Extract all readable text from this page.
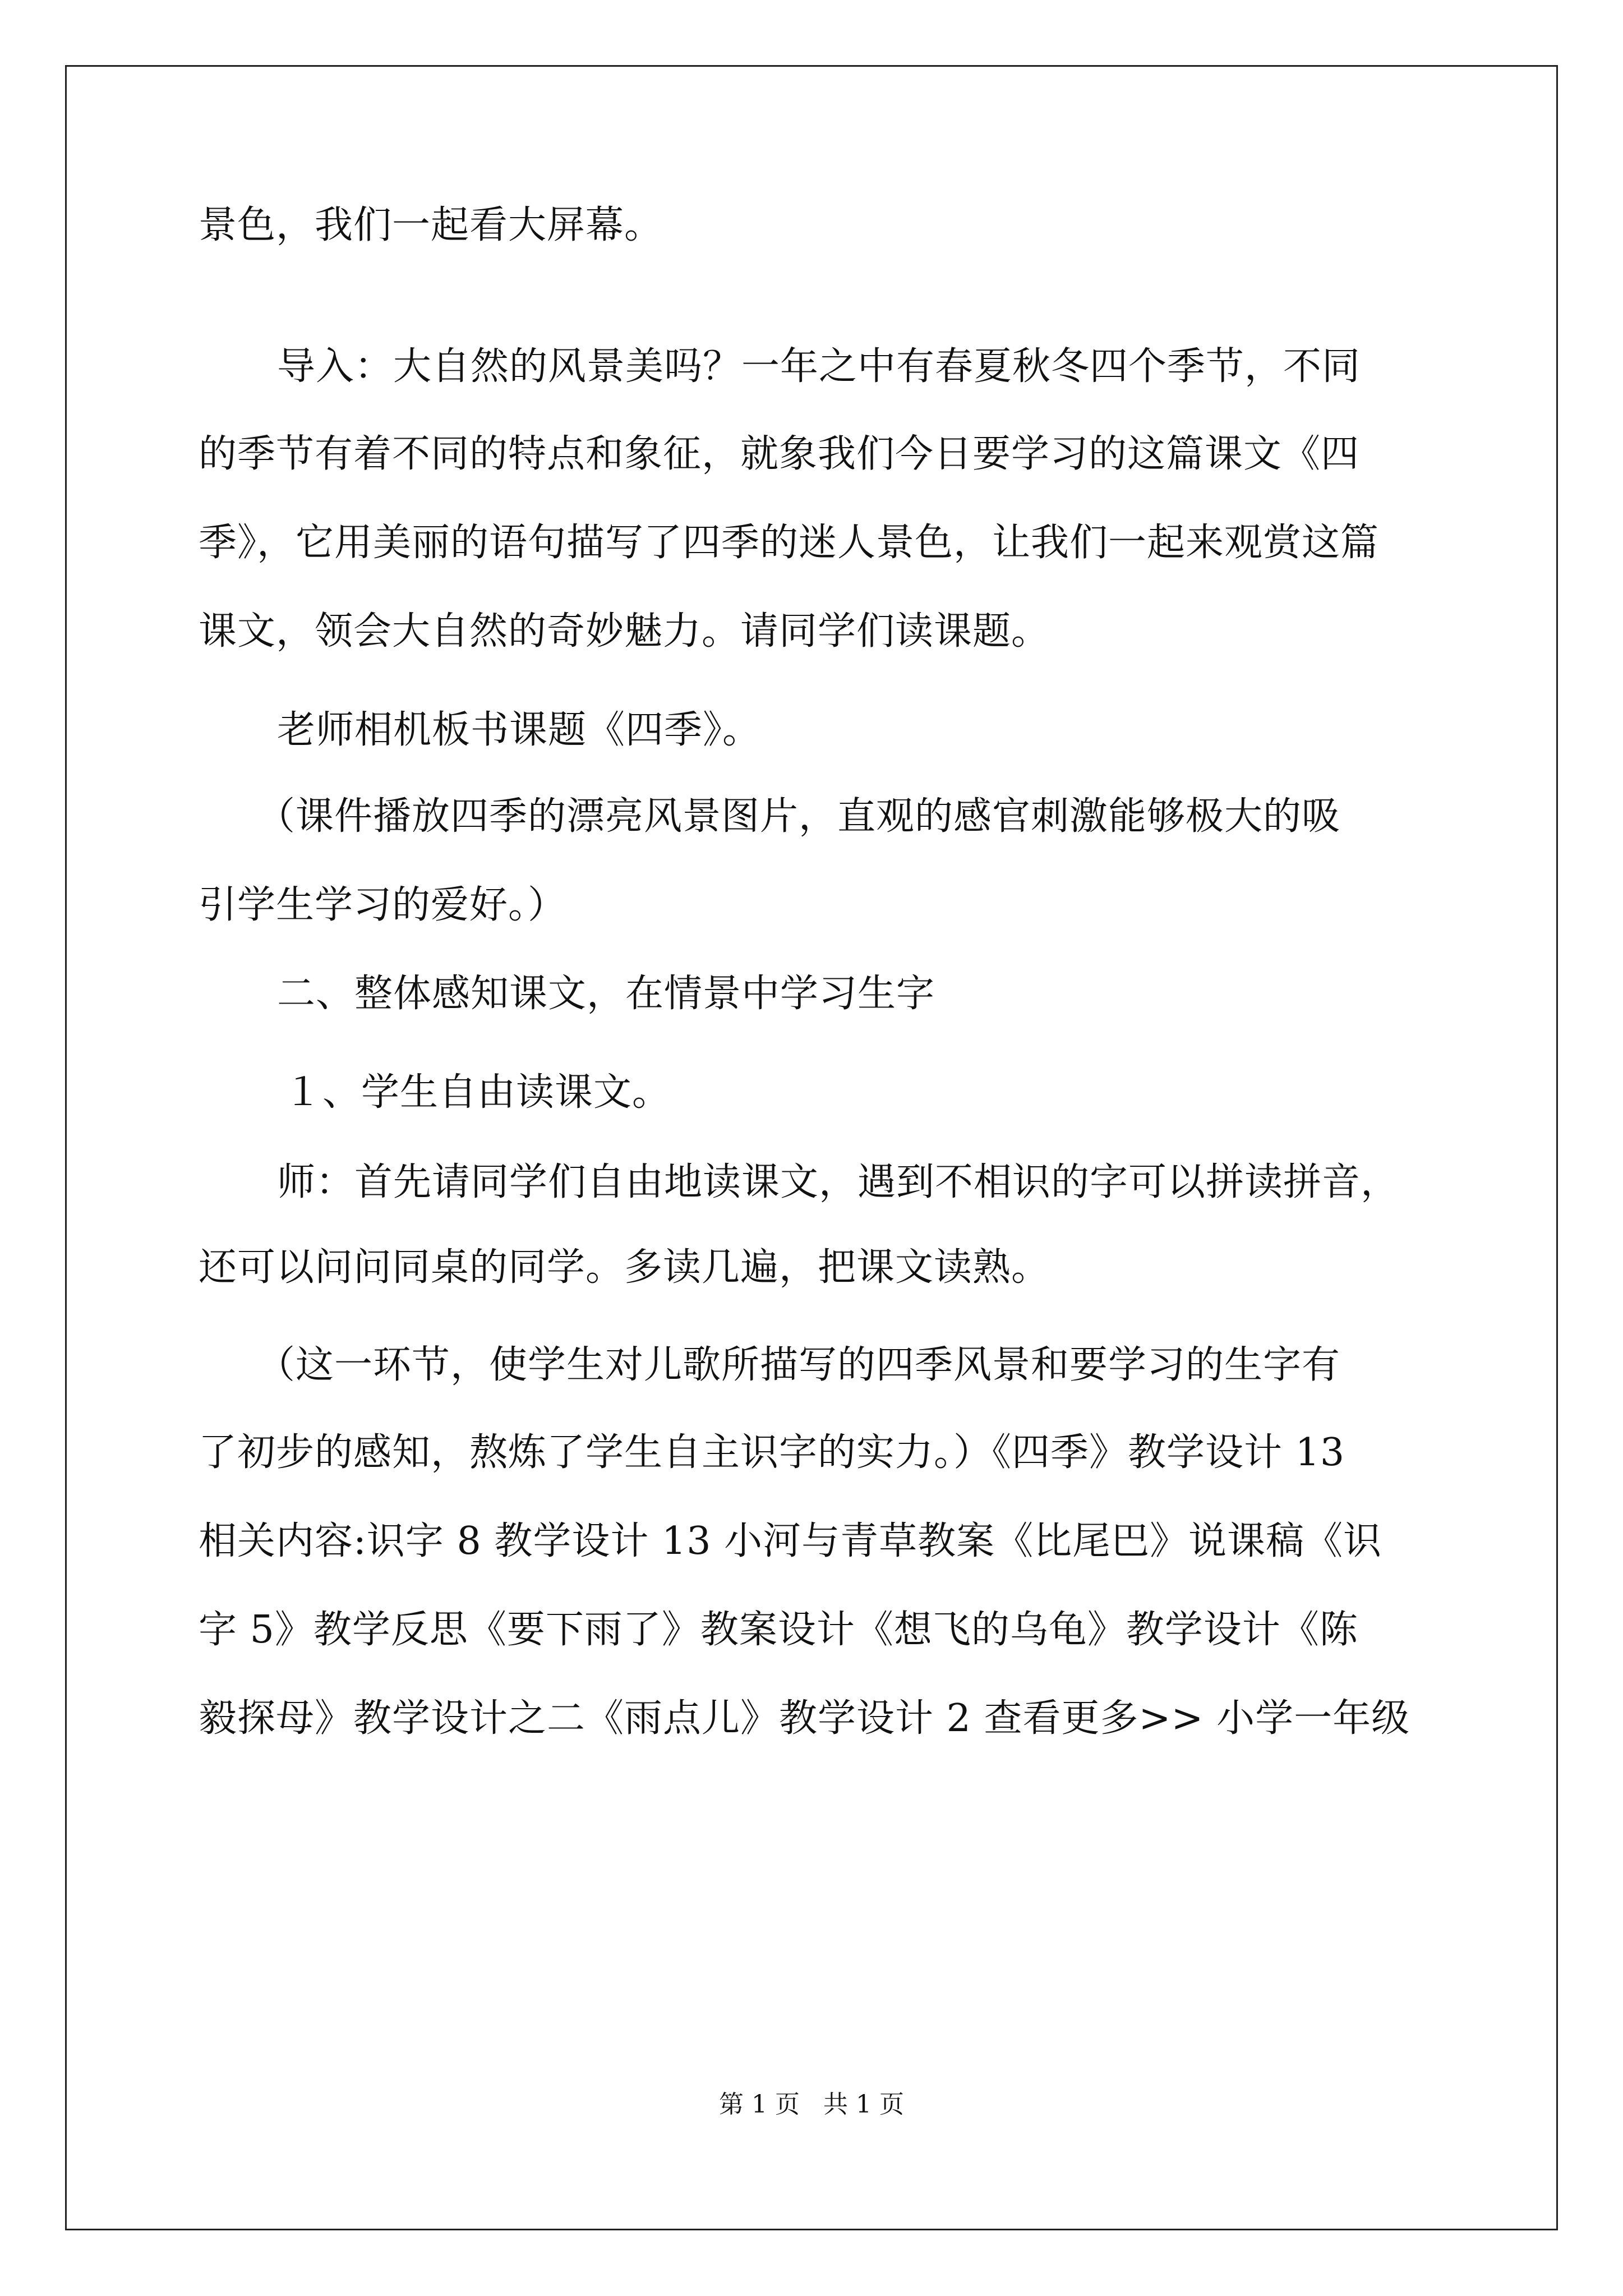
景色，我们一起看大屏幕。
导入：大自然的风景美吗？一年之中有春夏秋冬四个季节，不同
的季节有着不同的特点和象征，就象我们今日要学习的这篇课文《四
季》，它用美丽的语句描写了四季的迷人景色，让我们一起来观赏这篇
课文，领会大自然的奇妙魅力。请同学们读课题。
老师相机板书课题《四季》。
（课件播放四季的漂亮风景图片，直观的感官刺激能够极大的吸
引学生学习的爱好。）
二、整体感知课文，在情景中学习生字
１、学生自由读课文。
师：首先请同学们自由地读课文，遇到不相识的字可以拼读拼音，
还可以问问同桌的同学。多读几遍，把课文读熟。
（这一环节，使学生对儿歌所描写的四季风景和要学习的生字有
了初步的感知，熬炼了学生自主识字的实力。）《四季》教学设计 13
相关内容:识字 8 教学设计 13 小河与青草教案《比尾巴》说课稿《识
字 5》教学反思《要下雨了》教案设计《想飞的乌龟》教学设计《陈
毅探母》教学设计之二《雨点儿》教学设计 2 查看更多>> 小学一年级
第 1 页 共 1 页
